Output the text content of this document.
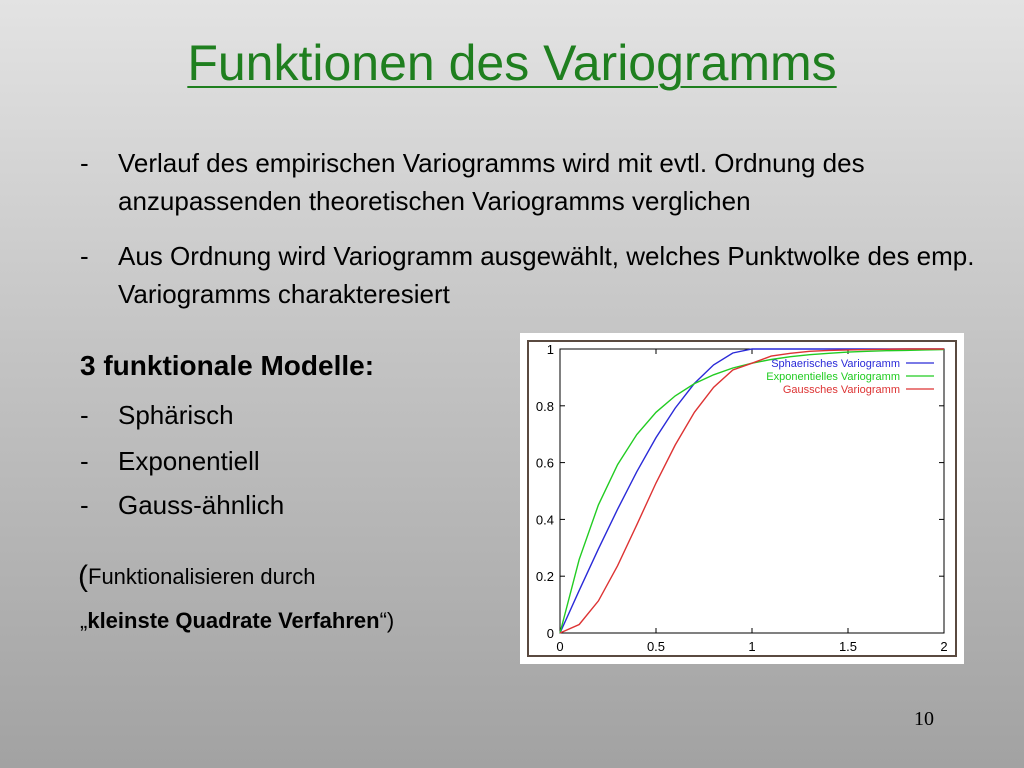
Funktionen des Variogramms
- Verlauf des empirischen Variogramms wird mit evtl. Ordnung des anzupassenden theoretischen Variogramms verglichen
- Aus Ordnung wird Variogramm ausgewählt, welches Punktwolke des emp. Variogramms charakteresiert
3 funktionale Modelle:
- Sphärisch
- Exponentiell
- Gauss-ähnlich
(Funktionalisieren durch
„kleinste Quadrate Verfahren“)
0	0.5	1	1.5	2
0
0.2
0.4
0.6
0.8
1
Sphaerisches Variogramm
Exponentielles Variogramm
Gaussches Variogramm
10
